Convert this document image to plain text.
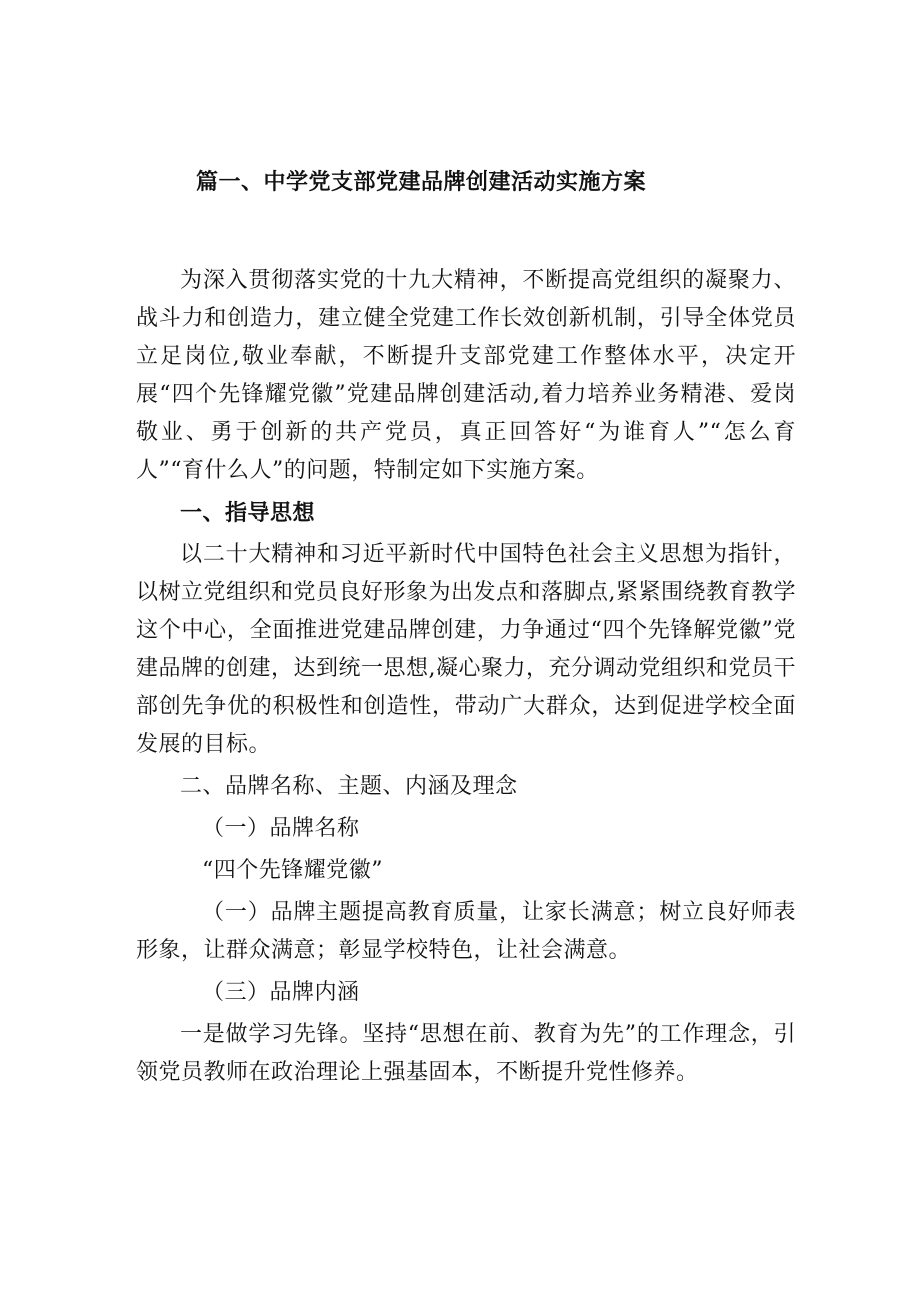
篇一、中学党支部党建品牌创建活动实施方案

为深入贯彻落实党的十九大精神，不断提高党组织的凝聚力、战斗力和创造力，建立健全党建工作长效创新机制，引导全体党员立足岗位,敬业奉献，不断提升支部党建工作整体水平，决定开展“四个先锋耀党徽”党建品牌创建活动,着力培养业务精港、爱岗敬业、勇于创新的共产党员，真正回答好“为谁育人”“怎么育人”“育什么人”的问题，特制定如下实施方案。

一、指导思想

以二十大精神和习近平新时代中国特色社会主义思想为指针，以树立党组织和党员良好形象为出发点和落脚点,紧紧围绕教育教学这个中心，全面推进党建品牌创建，力争通过“四个先锋解党徽”党建品牌的创建，达到统一思想,凝心聚力，充分调动党组织和党员干部创先争优的积极性和创造性，带动广大群众，达到促进学校全面发展的目标。

二、品牌名称、主题、内涵及理念

（一）品牌名称

“四个先锋耀党徽”

（一）品牌主题提高教育质量，让家长满意；树立良好师表形象，让群众满意；彰显学校特色，让社会满意。

（三）品牌内涵

一是做学习先锋。坚持“思想在前、教育为先”的工作理念，引领党员教师在政治理论上强基固本，不断提升党性修养。
